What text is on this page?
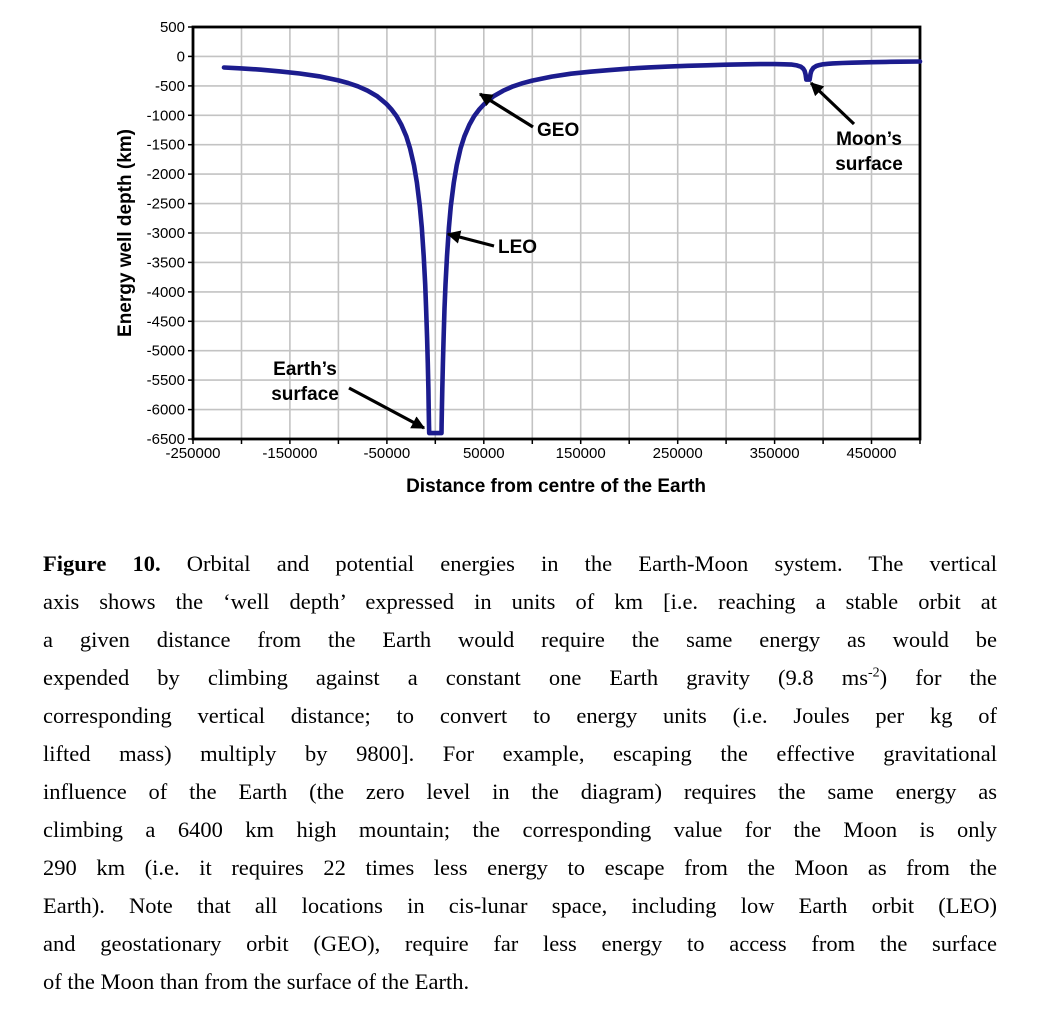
Distance from centre of the Earth
Energy well depth (km)
-250000	-150000	-50000	50000	150000	250000	350000	450000
500
0
-500
-1000
-1500
-2000
-2500
-3000
-3500
-4000
-4500
-5000
-5500
-6000
-6500
GEO	Moon’s
surface
LEO
Earth’s
surface
Figure 10. Orbital and potential energies in the Earth-Moon system. The vertical
axis shows the ‘well depth’ expressed in units of km [i.e. reaching a stable orbit at
a given distance from the Earth would require the same energy as would be
expended by climbing against a constant one Earth gravity (9.8 $ms^{-2}$) for the
corresponding vertical distance; to convert to energy units (i.e. Joules per kg of
lifted mass) multiply by 9800]. For example, escaping the effective gravitational
influence of the Earth (the zero level in the diagram) requires the same energy as
climbing a 6400 km high mountain; the corresponding value for the Moon is only
290 km (i.e. it requires 22 times less energy to escape from the Moon as from the
Earth). Note that all locations in cis-lunar space, including low Earth orbit (LEO)
and geostationary orbit (GEO), require far less energy to access from the surface
of the Moon than from the surface of the Earth.
